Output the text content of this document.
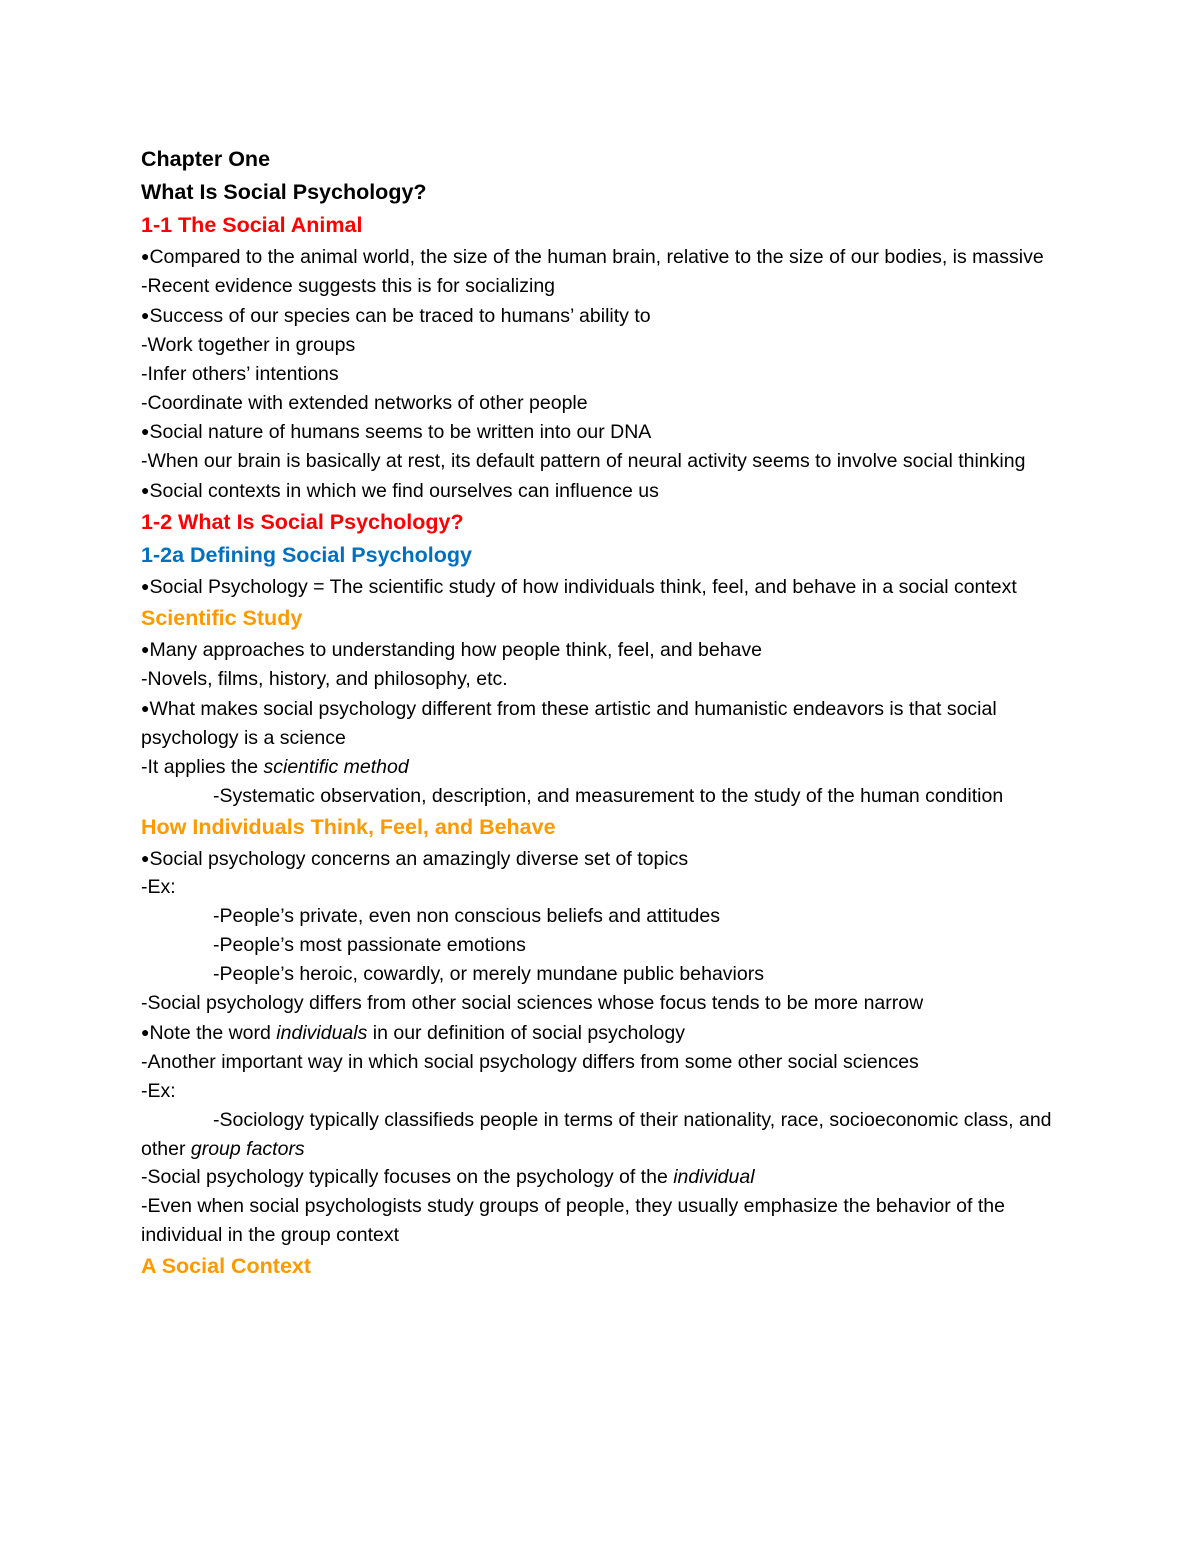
Chapter One
What Is Social Psychology?
1-1 The Social Animal
●Compared to the animal world, the size of the human brain, relative to the size of our bodies, is massive
-Recent evidence suggests this is for socializing
●Success of our species can be traced to humans’ ability to
-Work together in groups
-Infer others’ intentions
-Coordinate with extended networks of other people
●Social nature of humans seems to be written into our DNA
-When our brain is basically at rest, its default pattern of neural activity seems to involve social thinking
●Social contexts in which we find ourselves can influence us
1-2 What Is Social Psychology?
1-2a Defining Social Psychology
●Social Psychology = The scientific study of how individuals think, feel, and behave in a social context
Scientific Study
●Many approaches to understanding how people think, feel, and behave
-Novels, films, history, and philosophy, etc.
●What makes social psychology different from these artistic and humanistic endeavors is that social psychology is a science
-It applies the scientific method
-Systematic observation, description, and measurement to the study of the human condition
How Individuals Think, Feel, and Behave
●Social psychology concerns an amazingly diverse set of topics
-Ex:
-People’s private, even non conscious beliefs and attitudes
-People’s most passionate emotions
-People’s heroic, cowardly, or merely mundane public behaviors
-Social psychology differs from other social sciences whose focus tends to be more narrow
●Note the word individuals in our definition of social psychology
-Another important way in which social psychology differs from some other social sciences
-Ex:
-Sociology typically classifieds people in terms of their nationality, race, socioeconomic class, and other group factors
-Social psychology typically focuses on the psychology of the individual
-Even when social psychologists study groups of people, they usually emphasize the behavior of the individual in the group context
A Social Context
